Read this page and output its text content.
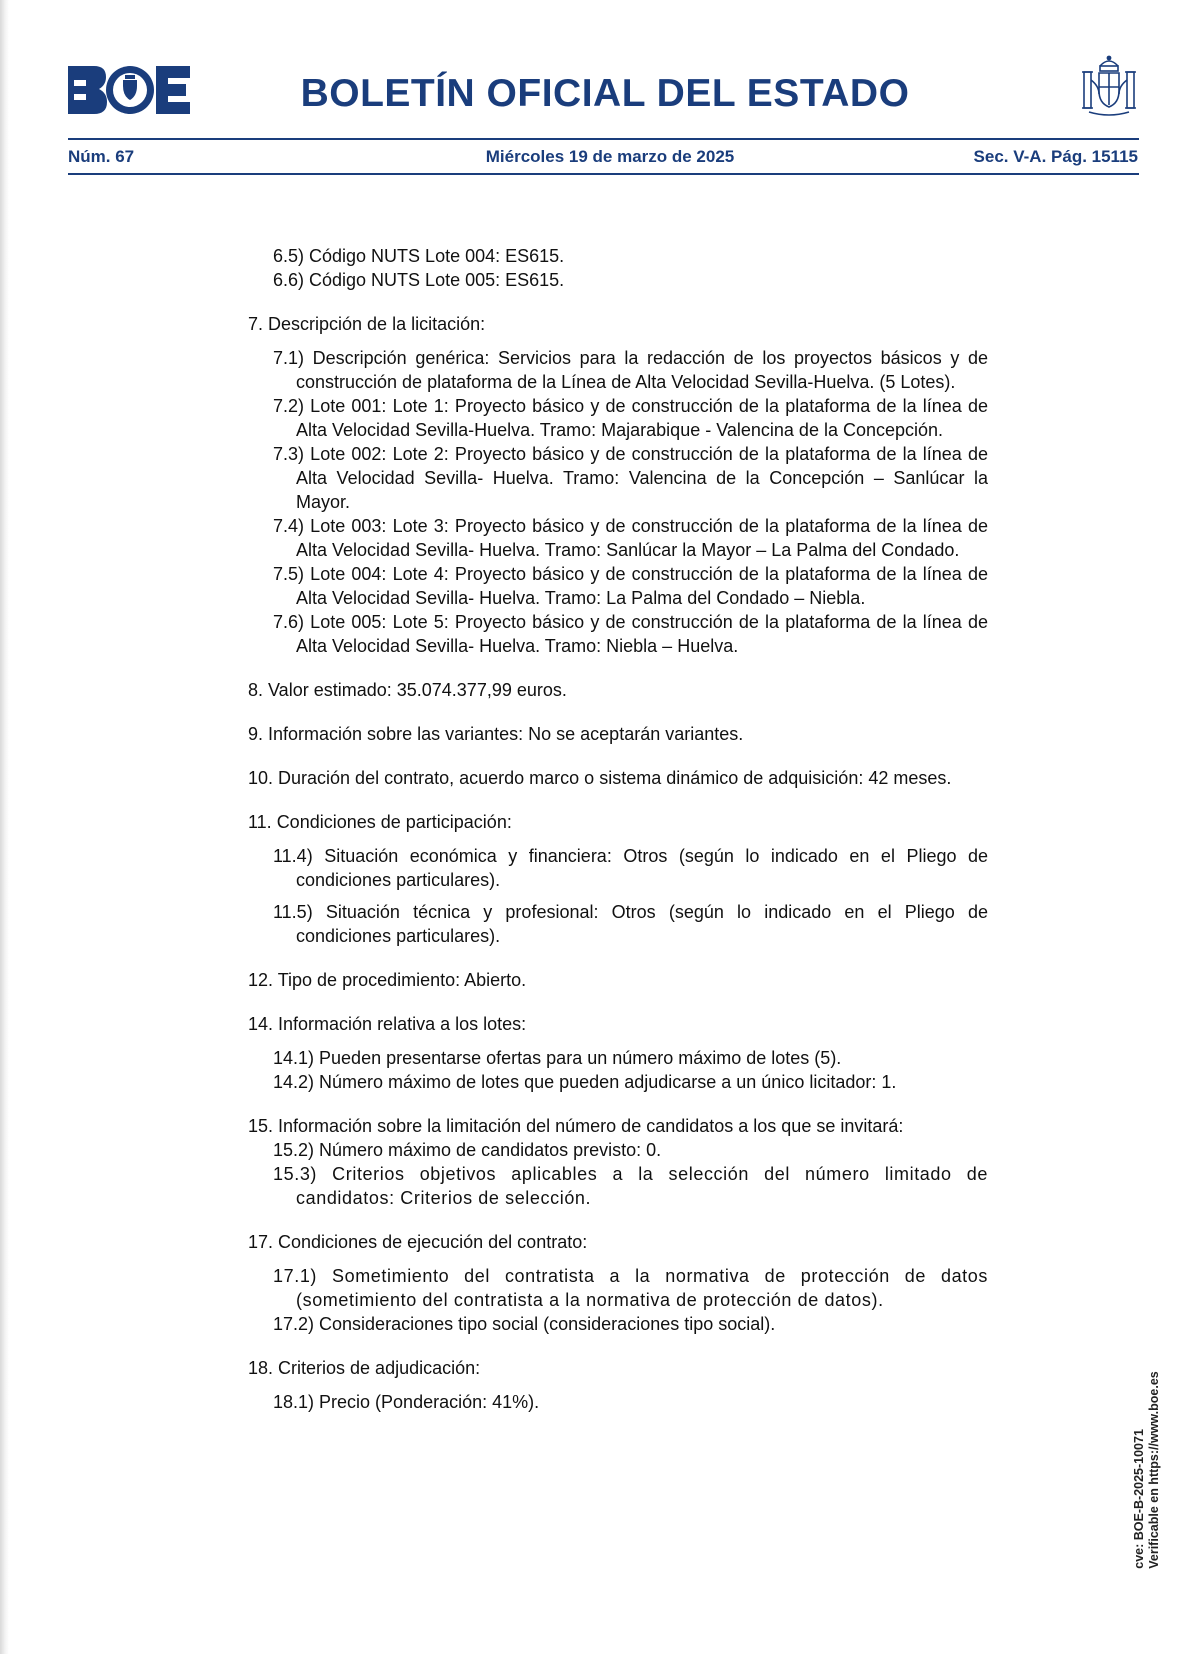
BOLETÍN OFICIAL DEL ESTADO
Núm. 67	Miércoles 19 de marzo de 2025	Sec. V-A. Pág. 15115
6.5) Código NUTS Lote 004: ES615.
6.6) Código NUTS Lote 005: ES615.
7. Descripción de la licitación:
7.1) Descripción genérica: Servicios para la redacción de los proyectos básicos y de construcción de plataforma de la Línea de Alta Velocidad Sevilla-Huelva. (5 Lotes).
7.2) Lote 001: Lote 1: Proyecto básico y de construcción de la plataforma de la línea de Alta Velocidad Sevilla-Huelva. Tramo: Majarabique - Valencina de la Concepción.
7.3) Lote 002: Lote 2: Proyecto básico y de construcción de la plataforma de la línea de Alta Velocidad Sevilla- Huelva. Tramo: Valencina de la Concepción – Sanlúcar la Mayor.
7.4) Lote 003: Lote 3: Proyecto básico y de construcción de la plataforma de la línea de Alta Velocidad Sevilla- Huelva. Tramo: Sanlúcar la Mayor – La Palma del Condado.
7.5) Lote 004: Lote 4: Proyecto básico y de construcción de la plataforma de la línea de Alta Velocidad Sevilla- Huelva. Tramo: La Palma del Condado – Niebla.
7.6) Lote 005: Lote 5: Proyecto básico y de construcción de la plataforma de la línea de Alta Velocidad Sevilla- Huelva. Tramo: Niebla – Huelva.
8. Valor estimado: 35.074.377,99 euros.
9. Información sobre las variantes: No se aceptarán variantes.
10. Duración del contrato, acuerdo marco o sistema dinámico de adquisición: 42 meses.
11. Condiciones de participación:
11.4) Situación económica y financiera: Otros (según lo indicado en el Pliego de condiciones particulares).
11.5) Situación técnica y profesional: Otros (según lo indicado en el Pliego de condiciones particulares).
12. Tipo de procedimiento: Abierto.
14. Información relativa a los lotes:
14.1) Pueden presentarse ofertas para un número máximo de lotes (5).
14.2) Número máximo de lotes que pueden adjudicarse a un único licitador: 1.
15. Información sobre la limitación del número de candidatos a los que se invitará:
15.2) Número máximo de candidatos previsto: 0.
15.3) Criterios objetivos aplicables a la selección del número limitado de candidatos: Criterios de selección.
17. Condiciones de ejecución del contrato:
17.1) Sometimiento del contratista a la normativa de protección de datos (sometimiento del contratista a la normativa de protección de datos).
17.2) Consideraciones tipo social (consideraciones tipo social).
18. Criterios de adjudicación:
18.1) Precio (Ponderación: 41%).
cve: BOE-B-2025-10071 Verificable en https://www.boe.es
